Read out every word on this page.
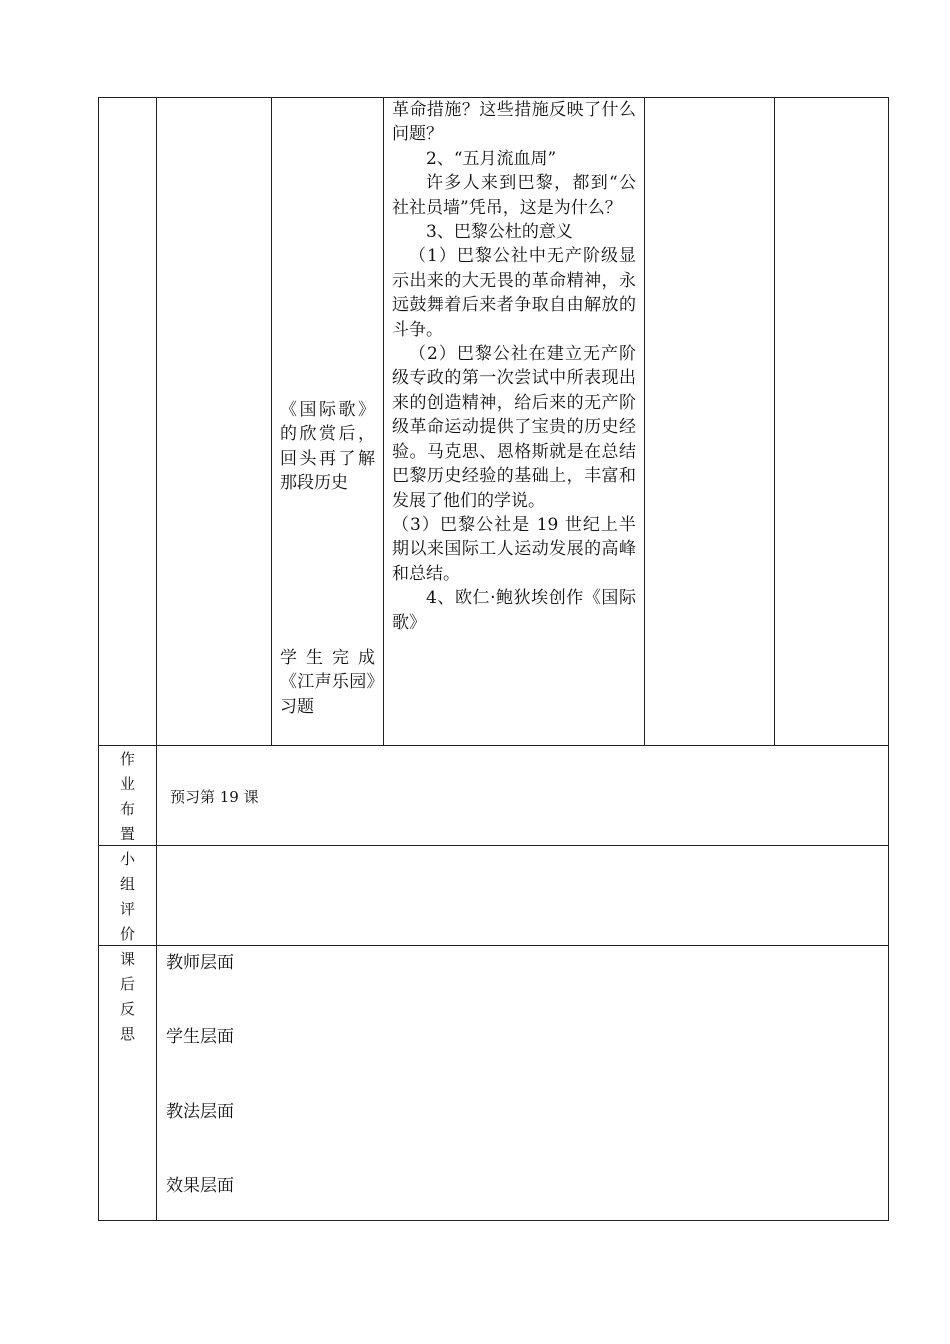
《国际歌》的欣赏后，回头再了解那段历史

学生完成《江声乐园》习题

革命措施？这些措施反映了什么问题？

2、“五月流血周”

许多人来到巴黎，都到“公社社员墙”凭吊，这是为什么？

3、巴黎公杜的意义

（1）巴黎公社中无产阶级显示出来的大无畏的革命精神，永远鼓舞着后来者争取自由解放的斗争。

（2）巴黎公社在建立无产阶级专政的第一次尝试中所表现出来的创造精神，给后来的无产阶级革命运动提供了宝贵的历史经验。马克思、恩格斯就是在总结巴黎历史经验的基础上，丰富和发展了他们的学说。

（3）巴黎公社是 19 世纪上半期以来国际工人运动发展的高峰和总结。

4、欧仁·鲍狄埃创作《国际歌》

作
业
布
置
预习第 19 课
小
组
评
价
课
后
反
思
教师层面
学生层面
教法层面
效果层面
